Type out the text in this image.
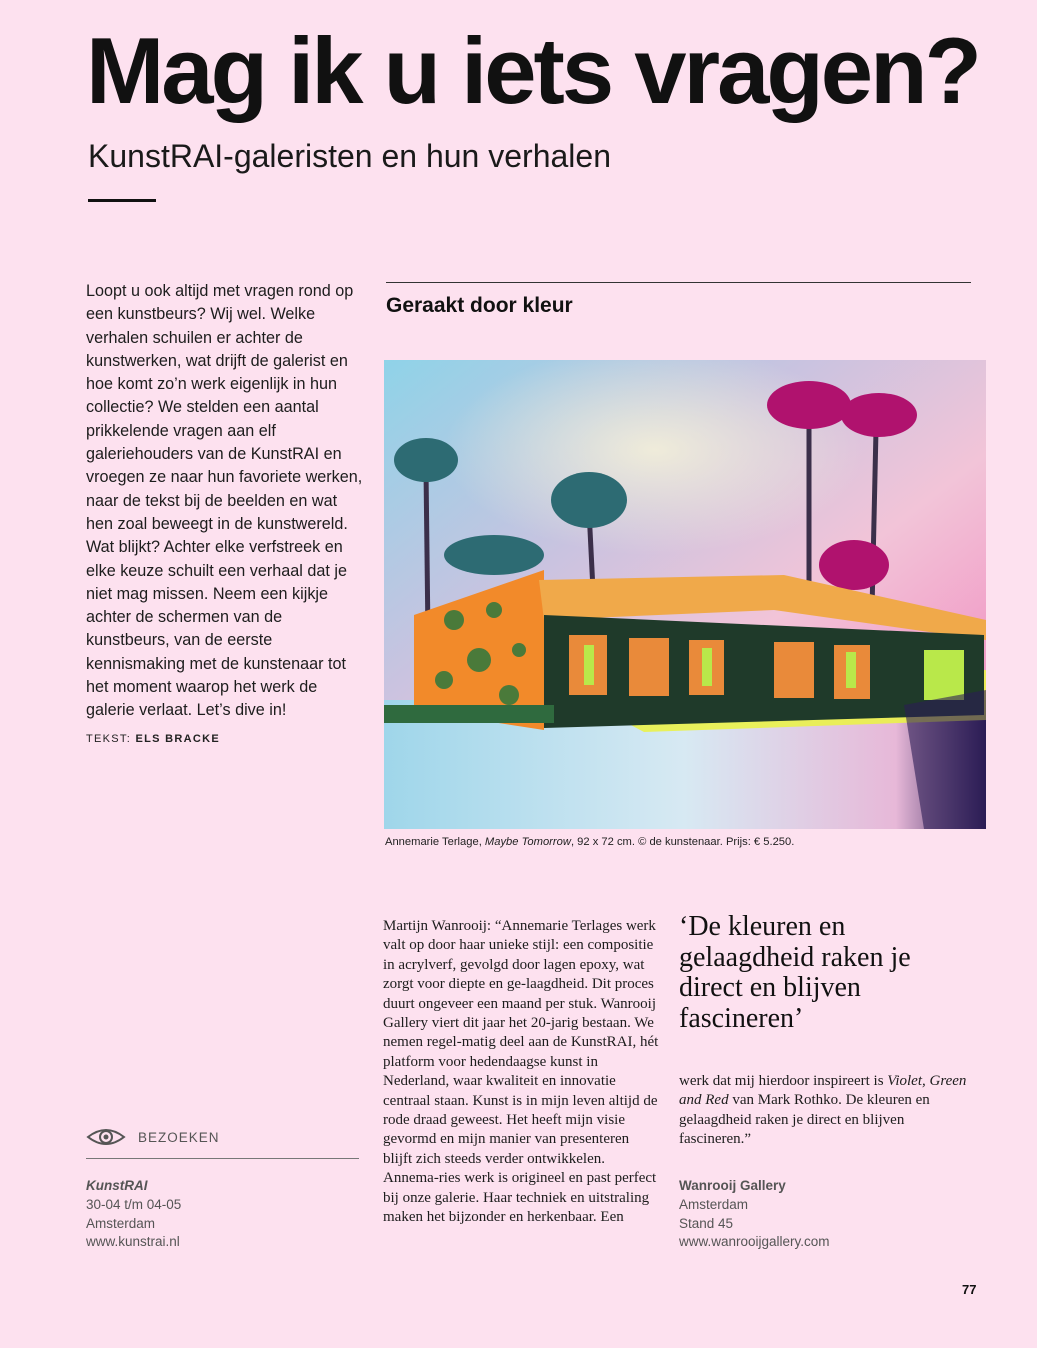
Mag ik u iets vragen?
KunstRAI-galeristen en hun verhalen

Loopt u ook altijd met vragen rond op een kunstbeurs? Wij wel. Welke verhalen schuilen er achter de kunstwerken, wat drijft de galerist en hoe komt zo’n werk eigenlijk in hun collectie? We stelden een aantal prikkelende vragen aan elf galeriehouders van de KunstRAI en vroegen ze naar hun favoriete werken, naar de tekst bij de beelden en wat hen zoal beweegt in de kunstwereld. Wat blijkt? Achter elke verfstreek en elke keuze schuilt een verhaal dat je niet mag missen. Neem een kijkje achter de schermen van de kunstbeurs, van de eerste kennismaking met de kunstenaar tot het moment waarop het werk de galerie verlaat. Let’s dive in!

TEKST: ELS BRACKE
Geraakt door kleur
Annemarie Terlage, Maybe Tomorrow, 92 x 72 cm. © de kunstenaar. Prijs: € 5.250.

Martijn Wanrooij: “Annemarie Terlages werk valt op door haar unieke stijl: een compositie in acrylverf, gevolgd door lagen epoxy, wat zorgt voor diepte en ge-laagdheid. Dit proces duurt ongeveer een maand per stuk. Wanrooij Gallery viert dit jaar het 20-jarig bestaan. We nemen regel-matig deel aan de KunstRAI, hét platform voor hedendaagse kunst in Nederland, waar kwaliteit en innovatie centraal staan. Kunst is in mijn leven altijd de rode draad geweest. Het heeft mijn visie gevormd en mijn manier van presenteren blijft zich steeds verder ontwikkelen. Annema-ries werk is origineel en past perfect bij onze galerie. Haar techniek en uitstraling maken het bijzonder en herkenbaar. Een

‘De kleuren en gelaagdheid raken je direct en blijven fascineren’

werk dat mij hierdoor inspireert is Violet, Green and Red van Mark Rothko. De kleuren en gelaagdheid raken je direct en blijven fascineren.”

Wanrooij Gallery
Amsterdam
Stand 45
www.wanrooijgallery.com
BEZOEKEN
KunstRAI
30-04 t/m 04-05
Amsterdam
www.kunstrai.nl
77
